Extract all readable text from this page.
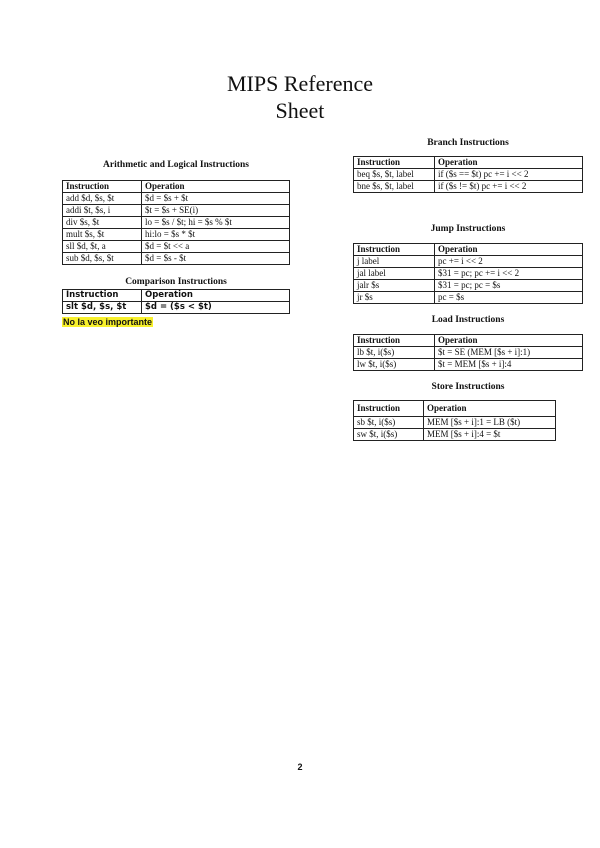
MIPS Reference
Sheet
Arithmetic and Logical Instructions
Instruction	Operation
add $d, $s, $t	$d = $s + $t
addi $t, $s, i	$t = $s + SE(i)
div $s, $t	lo = $s / $t; hi = $s % $t
mult $s, $t	hi:lo = $s * $t
sll $d, $t, a	$d = $t << a
sub $d, $s, $t	$d = $s - $t
Comparison Instructions
Instruction	Operation
slt $d, $s, $t	$d = ($s < $t)
No la veo importante
Branch Instructions
Instruction	Operation
beq $s, $t, label	if ($s == $t) pc += i << 2
bne $s, $t, label	if ($s != $t) pc += i << 2
Jump Instructions
Instruction	Operation
j label	pc += i << 2
jal label	$31 = pc; pc += i << 2
jalr $s	$31 = pc; pc = $s
jr $s	pc = $s
Load Instructions
Instruction	Operation
lb $t, i($s)	$t = SE (MEM [$s + i]:1)
lw $t, i($s)	$t = MEM [$s + i]:4
Store Instructions
Instruction	Operation
sb $t, i($s)	MEM [$s + i]:1 = LB ($t)
sw $t, i($s)	MEM [$s + i]:4 = $t
2
